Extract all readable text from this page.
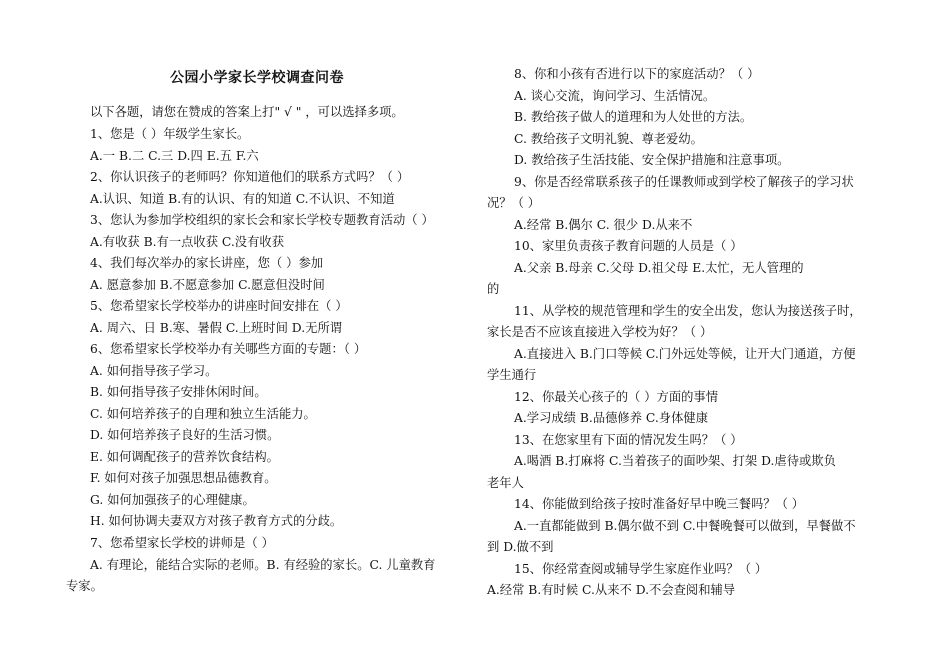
公园小学家长学校调查问卷
以下各题，请您在赞成的答案上打" √ " ，可以选择多项。
1、您是（ ）年级学生家长。
A.一 B.二 C.三 D.四 E.五 F.六
2、你认识孩子的老师吗？你知道他们的联系方式吗？（ ）
A.认识、知道 B.有的认识、有的知道 C.不认识、不知道
3、您认为参加学校组织的家长会和家长学校专题教育活动（ ）
A.有收获 B.有一点收获 C.没有收获
4、我们每次举办的家长讲座，您（ ）参加
A. 愿意参加 B.不愿意参加 C.愿意但没时间
5、您希望家长学校举办的讲座时间安排在（ ）
A. 周六、日 B.寒、暑假 C.上班时间 D.无所谓
6、您希望家长学校举办有关哪些方面的专题：（ ）
A. 如何指导孩子学习。
B. 如何指导孩子安排休闲时间。
C. 如何培养孩子的自理和独立生活能力。
D. 如何培养孩子良好的生活习惯。
E. 如何调配孩子的营养饮食结构。
F. 如何对孩子加强思想品德教育。
G. 如何加强孩子的心理健康。
H. 如何协调夫妻双方对孩子教育方式的分歧。
7、您希望家长学校的讲师是（ ）
A. 有理论，能结合实际的老师。B. 有经验的家长。C. 儿童教育
专家。
8、你和小孩有否进行以下的家庭活动？（ ）
A. 谈心交流，询问学习、生活情况。
B. 教给孩子做人的道理和为人处世的方法。
C. 教给孩子文明礼貌、尊老爱幼。
D. 教给孩子生活技能、安全保护措施和注意事项。
9、你是否经常联系孩子的任课教师或到学校了解孩子的学习状
况？（ ）
A.经常 B.偶尔 C. 很少 D.从来不
10、家里负责孩子教育问题的人员是（ ）
A.父亲 B.母亲 C.父母 D.祖父母 E.太忙，无人管理的
的
11、从学校的规范管理和学生的安全出发，您认为接送孩子时，
家长是否不应该直接进入学校为好？（ ）
A.直接进入 B.门口等候 C.门外远处等候，让开大门通道，方便
学生通行
12、你最关心孩子的（ ）方面的事情
A.学习成绩 B.品德修养 C.身体健康
13、在您家里有下面的情况发生吗？（ ）
A.喝酒 B.打麻将 C.当着孩子的面吵架、打架 D.虐待或欺负
老年人
14、你能做到给孩子按时准备好早中晚三餐吗？（ ）
A.一直都能做到 B.偶尔做不到 C.中餐晚餐可以做到，早餐做不
到 D.做不到
15、你经常查阅或辅导学生家庭作业吗？（ ）
A.经常 B.有时候 C.从来不 D.不会查阅和辅导
